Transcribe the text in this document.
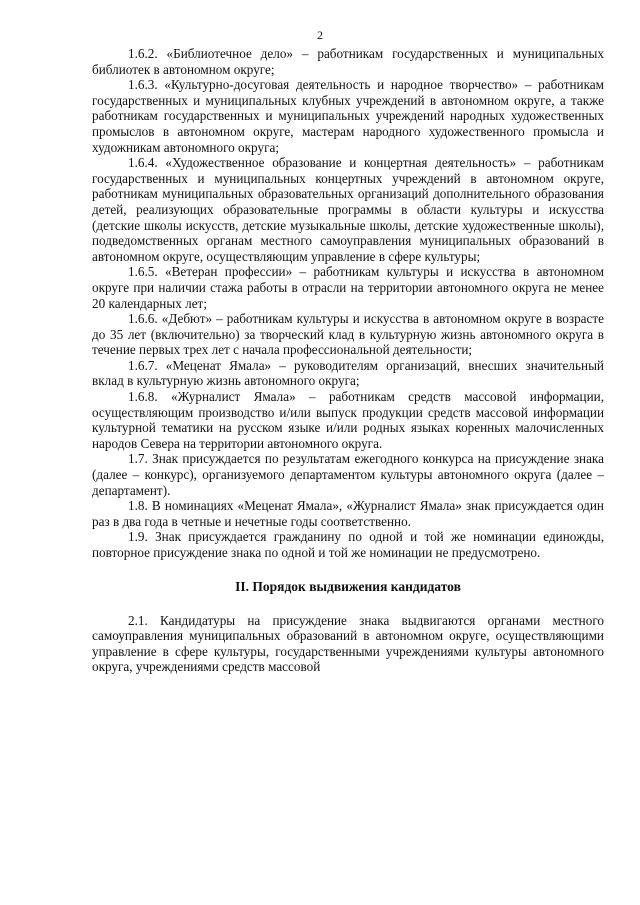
2

1.6.2. «Библиотечное дело» – работникам государственных и муниципальных библиотек в автономном округе;

1.6.3. «Культурно-досуговая деятельность и народное творчество» – работникам государственных и муниципальных клубных учреждений в автономном округе, а также работникам государственных и муниципальных учреждений народных художественных промыслов в автономном округе, мастерам народного художественного промысла и художникам автономного округа;

1.6.4. «Художественное образование и концертная деятельность» – работникам государственных и муниципальных концертных учреждений в автономном округе, работникам муниципальных образовательных организаций дополнительного образования детей, реализующих образовательные программы в области культуры и искусства (детские школы искусств, детские музыкальные школы, детские художественные школы), подведомственных органам местного самоуправления муниципальных образований в автономном округе, осуществляющим управление в сфере культуры;

1.6.5. «Ветеран профессии» – работникам культуры и искусства в автономном округе при наличии стажа работы в отрасли на территории автономного округа не менее 20 календарных лет;

1.6.6. «Дебют» – работникам культуры и искусства в автономном округе в возрасте до 35 лет (включительно) за творческий клад в культурную жизнь автономного округа в течение первых трех лет с начала профессиональной деятельности;

1.6.7. «Меценат Ямала» – руководителям организаций, внесших значительный вклад в культурную жизнь автономного округа;

1.6.8. «Журналист Ямала» – работникам средств массовой информации, осуществляющим производство и/или выпуск продукции средств массовой информации культурной тематики на русском языке и/или родных языках коренных малочисленных народов Севера на территории автономного округа.

1.7. Знак присуждается по результатам ежегодного конкурса на присуждение знака (далее – конкурс), организуемого департаментом культуры автономного округа (далее – департамент).

1.8. В номинациях «Меценат Ямала», «Журналист Ямала» знак присуждается один раз в два года в четные и нечетные годы соответственно.

1.9. Знак присуждается гражданину по одной и той же номинации единожды, повторное присуждение знака по одной и той же номинации не предусмотрено.

II. Порядок выдвижения кандидатов

2.1. Кандидатуры на присуждение знака выдвигаются органами местного самоуправления муниципальных образований в автономном округе, осуществляющими управление в сфере культуры, государственными учреждениями культуры автономного округа, учреждениями средств массовой
